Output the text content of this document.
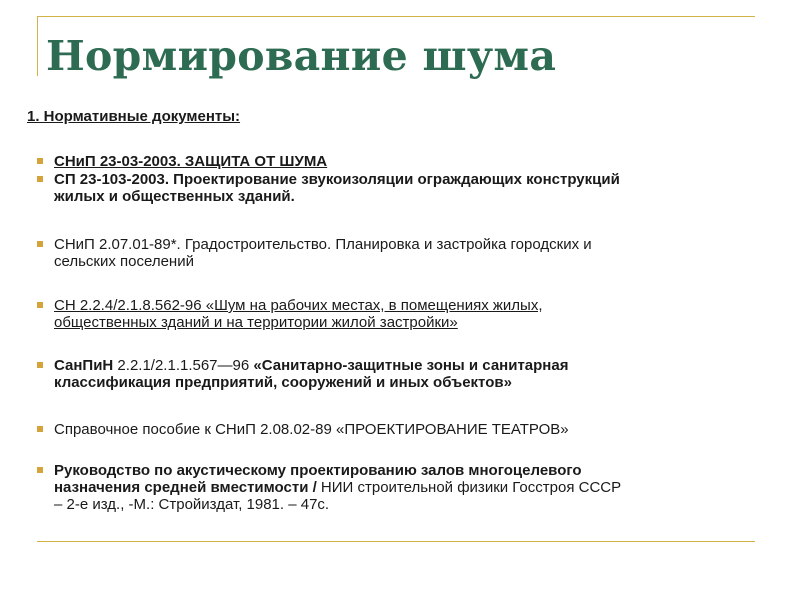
Нормирование шума

1. Нормативные документы:

СНиП 23-03-2003. ЗАЩИТА ОТ ШУМА

СП 23-103-2003. Проектирование звукоизоляции ограждающих конструкций

жилых и общественных зданий.

СНиП 2.07.01-89*. Градостроительство. Планировка и застройка городских и

сельских поселений

СН 2.2.4/2.1.8.562-96 «Шум на рабочих местах, в помещениях жилых,

общественных зданий и на территории жилой застройки»

СанПиН 2.2.1/2.1.1.567—96 «Санитарно-защитные зоны и санитарная

классификация предприятий, сооружений и иных объектов»

Справочное пособие к СНиП 2.08.02-89 «ПРОЕКТИРОВАНИЕ ТЕАТРОВ»

Руководство по акустическому проектированию залов многоцелевого

назначения средней вместимости / НИИ строительной физики Госстроя СССР

– 2-е изд., -М.: Стройиздат, 1981. – 47с.
